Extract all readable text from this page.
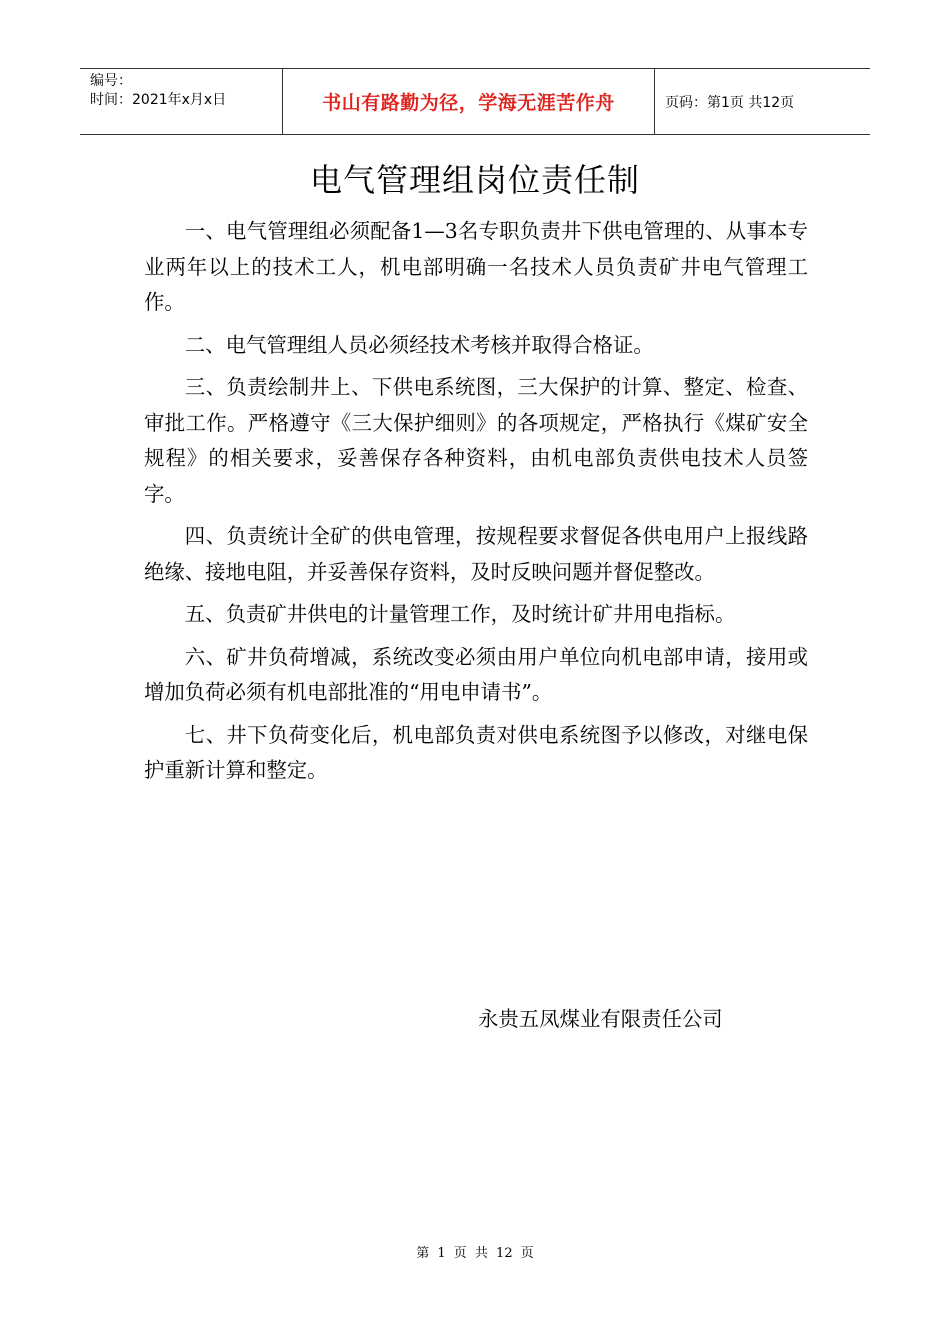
编号：
时间：2021年x月x日	书山有路勤为径，学海无涯苦作舟	页码：第1页 共12页
电气管理组岗位责任制

一、电气管理组必须配备1—3名专职负责井下供电管理的、从事本专业两年以上的技术工人，机电部明确一名技术人员负责矿井电气管理工作。

二、电气管理组人员必须经技术考核并取得合格证。

三、负责绘制井上、下供电系统图，三大保护的计算、整定、检查、审批工作。严格遵守《三大保护细则》的各项规定，严格执行《煤矿安全规程》的相关要求，妥善保存各种资料，由机电部负责供电技术人员签字。

四、负责统计全矿的供电管理，按规程要求督促各供电用户上报线路绝缘、接地电阻，并妥善保存资料，及时反映问题并督促整改。

五、负责矿井供电的计量管理工作，及时统计矿井用电指标。

六、矿井负荷增减，系统改变必须由用户单位向机电部申请，接用或增加负荷必须有机电部批准的“用电申请书”。

七、井下负荷变化后，机电部负责对供电系统图予以修改，对继电保护重新计算和整定。

永贵五凤煤业有限责任公司
第 1 页 共 12 页
